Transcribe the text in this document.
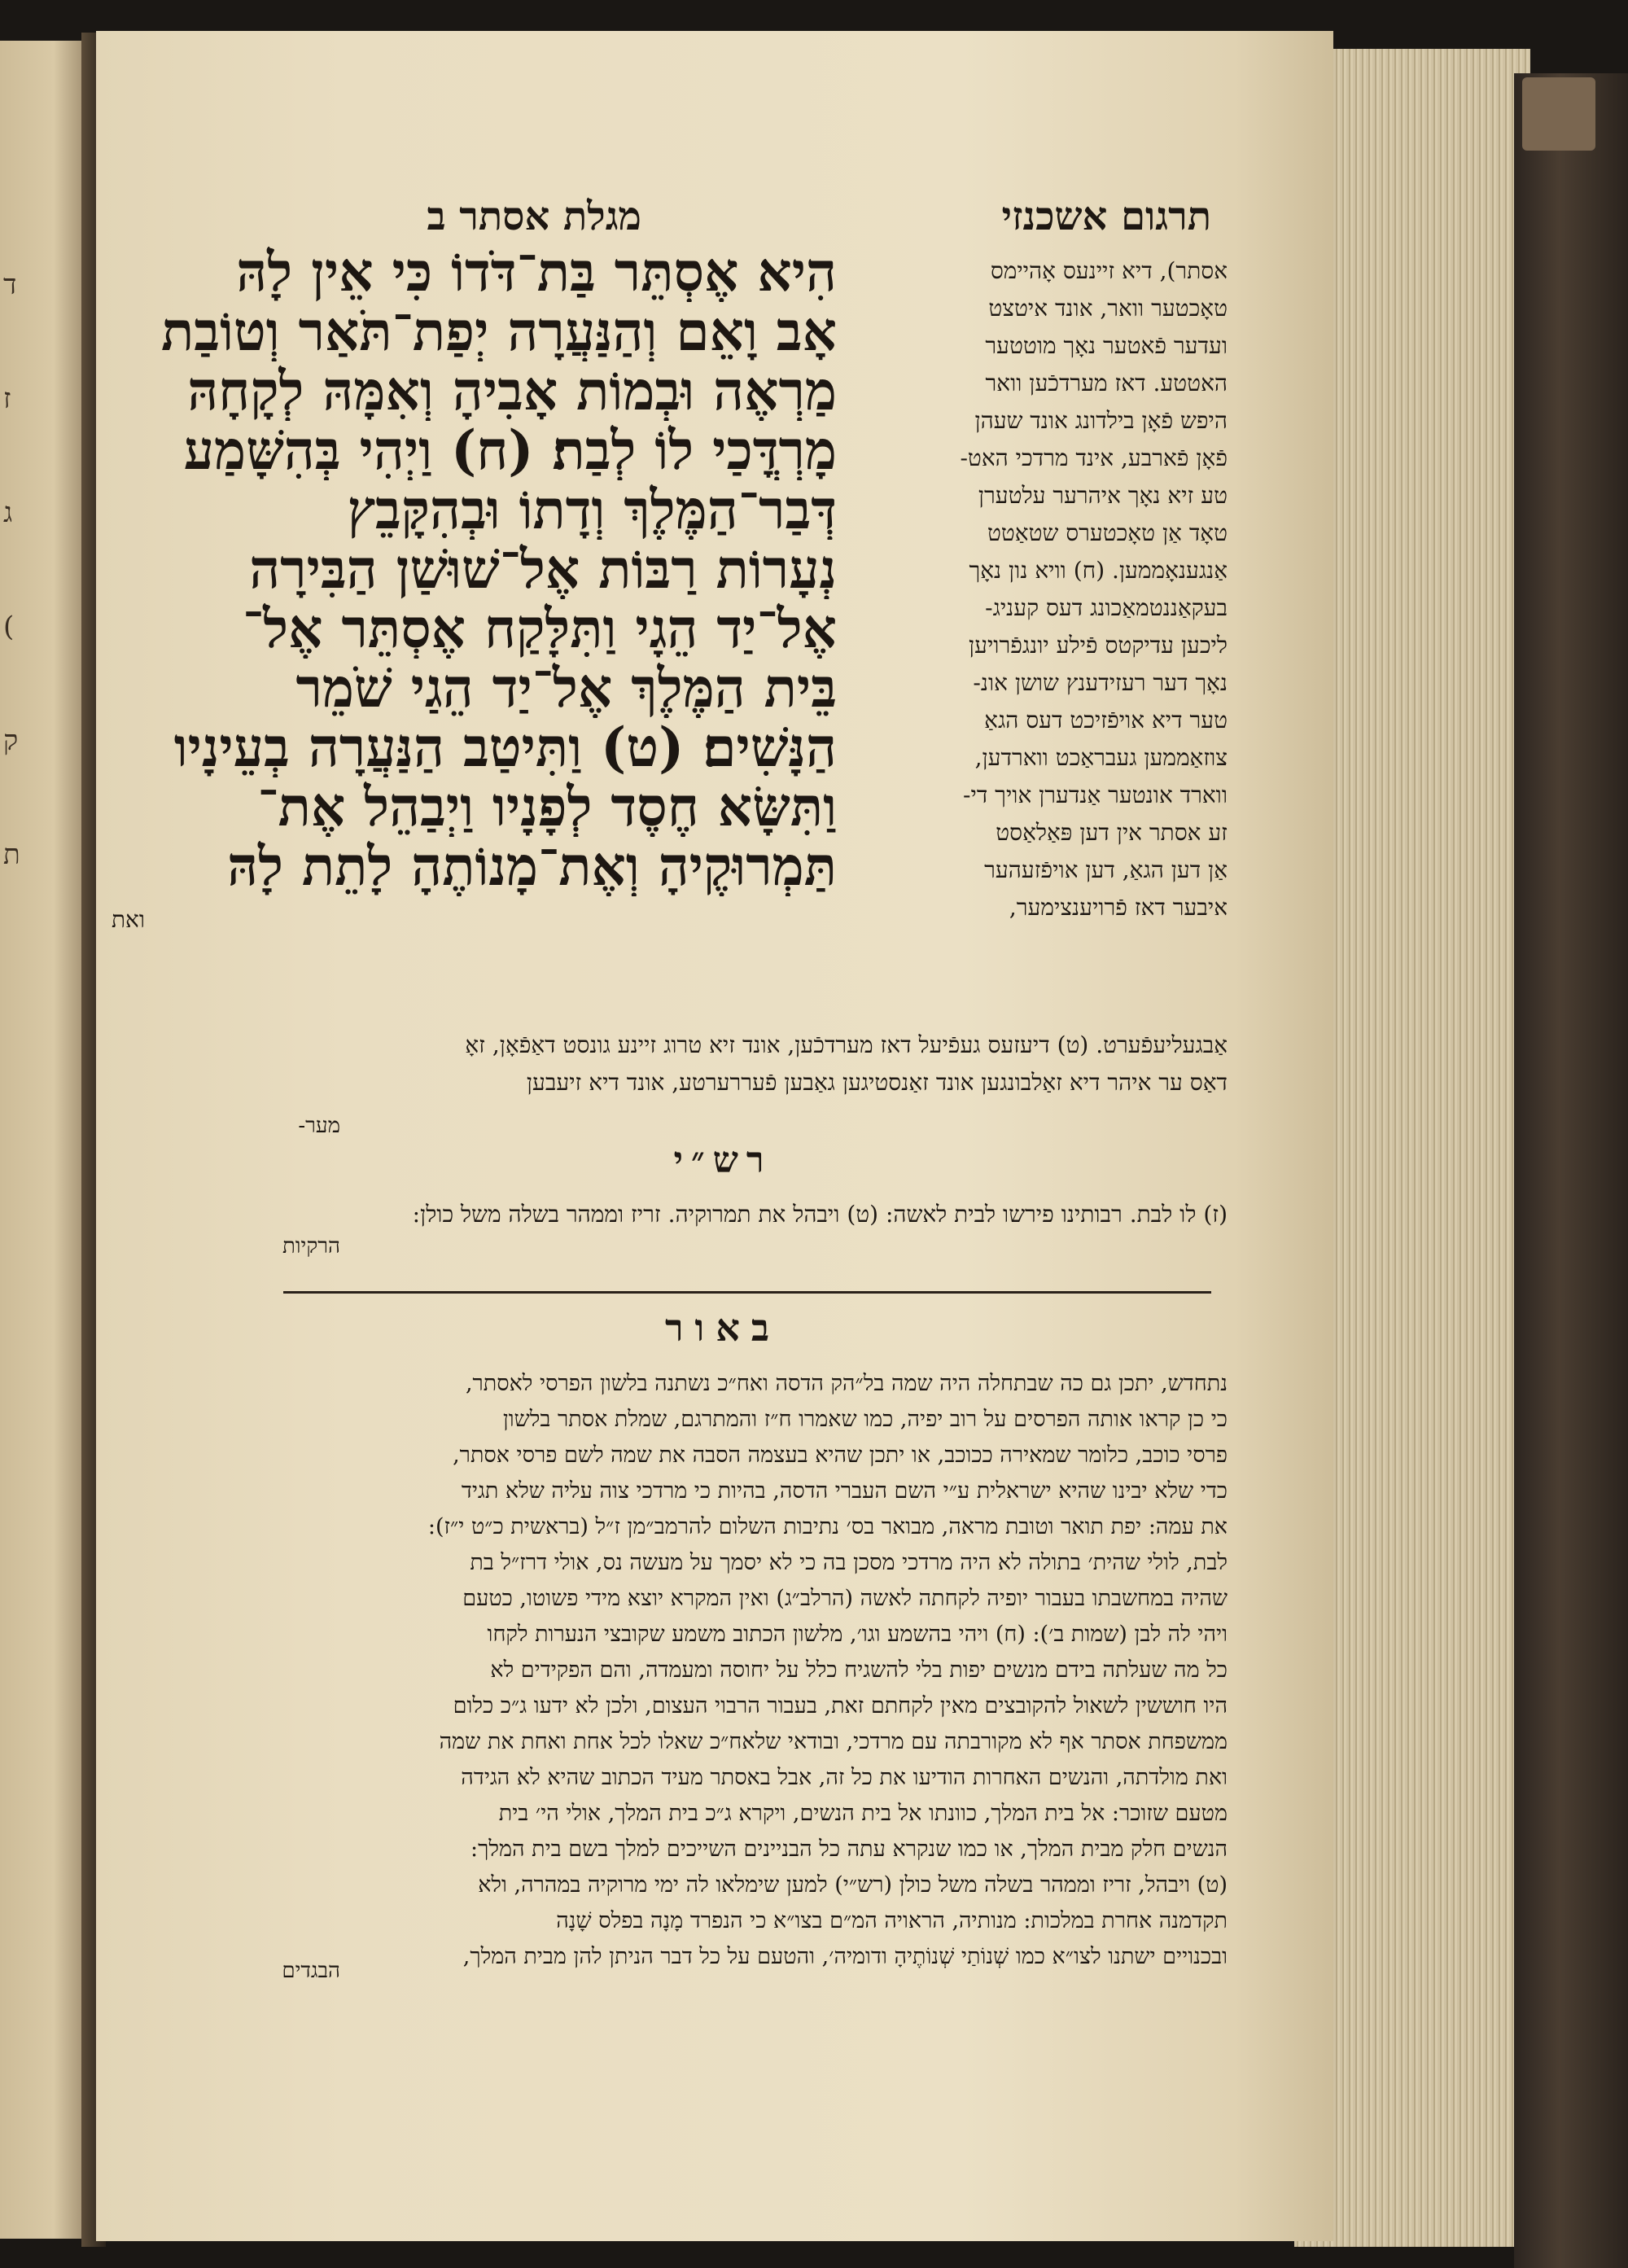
ד
ז
ג
(
ק
ת
תרגום אשכנזי
מגלת אסתר ב
הִיא אֶסְתֵּר בַּת־דֹּדוֹ כִּי אֵין לָהּ
אָב וָאֵם וְהַנַּעֲרָה יְפַת־תֹּאַר וְטוֹבַת
מַרְאֶה וּבְמוֹת אָבִיהָ וְאִמָּהּ לְקָחָהּ
מָרְדֳּכַי לוֹ לְבַת׃ (ח) וַיְהִי בְּהִשָּׁמַע
דְּבַר־הַמֶּלֶךְ וְדָתוֹ וּבְהִקָּבֵץ
נְעָרוֹת רַבּוֹת אֶל־שׁוּשַׁן הַבִּירָה
אֶל־יַד הֵגָי וַתִּלָּקַח אֶסְתֵּר אֶל־
בֵּית הַמֶּלֶךְ אֶל־יַד הֵגַי שֹׁמֵר
הַנָּשִׁים׃ (ט) וַתִּיטַב הַנַּעֲרָה בְעֵינָיו
וַתִּשָּׂא חֶסֶד לְפָנָיו וַיְבַהֵל אֶת־
תַּמְרוּקֶיהָ וְאֶת־מָנוֹתֶהָ לָתֵת לָהּ
ואת
אסתר), דיא זיינעס אָהיימס
טאָכטער וואר, אונד איטצט
ועדער פֿאטער נאָך מוטטער
האטטע. דאז מערדכֿען וואר
היפש פֿאָן בילדונג אונד שעהן
פֿאָן פֿארבע, אינד מרדכי האט-
טע זיא נאָך איהרער עלטערן
טאָד אַן טאָכטערס שטאַטט
אַנגענאָממען. (ח) וויא נון נאָך
בעקאַננטמאַכונג דעס קעניג-
ליכען עדיקטס פֿילע יונגפֿרויען
נאָך דער רעזידענץ שושן אונ-
טער דיא אויפֿזיכט דעס הגאַ
צוזאַממען געבראַכט ווארדען,
ווארד אונטער אַנדערן אויך די-
זע אסתר אין דען פּאַלאַסט
אַן דען הגאַ, דען אויפֿזעהער
איבער דאז פֿרויענצימער,
אַבגעליעפֿערט. (ט) דיעזעס געפֿיעל דאז מערדכֿען, אונד זיא טרוג זיינע גונסט דאַפֿאָן, זאָ
דאַס ער איהר דיא זאַלבונגען אונד זאַנסטיגען גאַבען פֿעררערטע, אונד דיא זיעבען
מער-
רש״י
(ז) לו לבת. רבותינו פירשו לבית לאשה: (ט) ויבהל את תמרוקיה. זריז וממהר בשלה משל כולן:
הרקיות
באור
נתחדש, יתכן גם כה שבתחלה היה שמה בל״הק הדסה ואח״כ נשתנה בלשון הפרסי לאסתר,
כי כן קראו אותה הפרסים על רוב יפיה, כמו שאמרו ח״ז והמתרגם, שמלת אסתר בלשון
פרסי כוכב, כלומר שמאירה ככוכב, או יתכן שהיא בעצמה הסבה את שמה לשם פרסי אסתר,
כדי שלא יבינו שהיא ישראלית ע״י השם העברי הדסה, בהיות כי מרדכי צוה עליה שלא תגיד
את עמה: יפת תואר וטובת מראה, מבואר בס׳ נתיבות השלום להרמב״מן ז״ל (בראשית כ״ט י״ז):
לבת, לולי שהית׳ בתולה לא היה מרדכי מסכן בה כי לא יסמך על מעשה נס, אולי דרז״ל בת
שהיה במחשבתו בעבור יופיה לקחתה לאשה (הרלב״ג) ואין המקרא יוצא מידי פשוטו, כטעם
ויהי לה לבן (שמות ב׳): (ח) ויהי בהשמע וגו׳, מלשון הכתוב משמע שקובצי הנערות לקחו
כל מה שעלתה בידם מנשים יפות בלי להשגיח כלל על יחוסה ומעמדה, והם הפקידים לא
היו חוששין לשאול להקובצים מאין לקחתם זאת, בעבור הרבוי העצום, ולכן לא ידעו ג״כ כלום
ממשפחת אסתר אף לא מקורבתה עם מרדכי, ובודאי שלאח״כ שאלו לכל אחת ואחת את שמה
ואת מולדתה, והנשים האחרות הודיעו את כל זה, אבל באסתר מעיד הכתוב שהיא לא הגידה
מטעם שזוכר: אל בית המלך, כוונתו אל בית הנשים, ויקרא ג״כ בית המלך, אולי הי׳ בית
הנשים חלק מבית המלך, או כמו שנקרא עתה כל הבניינים השייכים למלך בשם בית המלך:
(ט) ויבהל, זריז וממהר בשלה משל כולן (רש״י) למען שימלאו לה ימי מרוקיה במהרה, ולא
תקדמנה אחרת במלכות: מנותיה, הראויה המ״ם בצו״א כי הנפרד מָנָה בפלס שָׁנָה
ובכנויים ישתנו לצו״א כמו שְׁנוֹתַי שְׁנוֹתֶיהָ ודומיה׳, והטעם על כל דבר הניתן להן מבית המלך,
הבגדים
